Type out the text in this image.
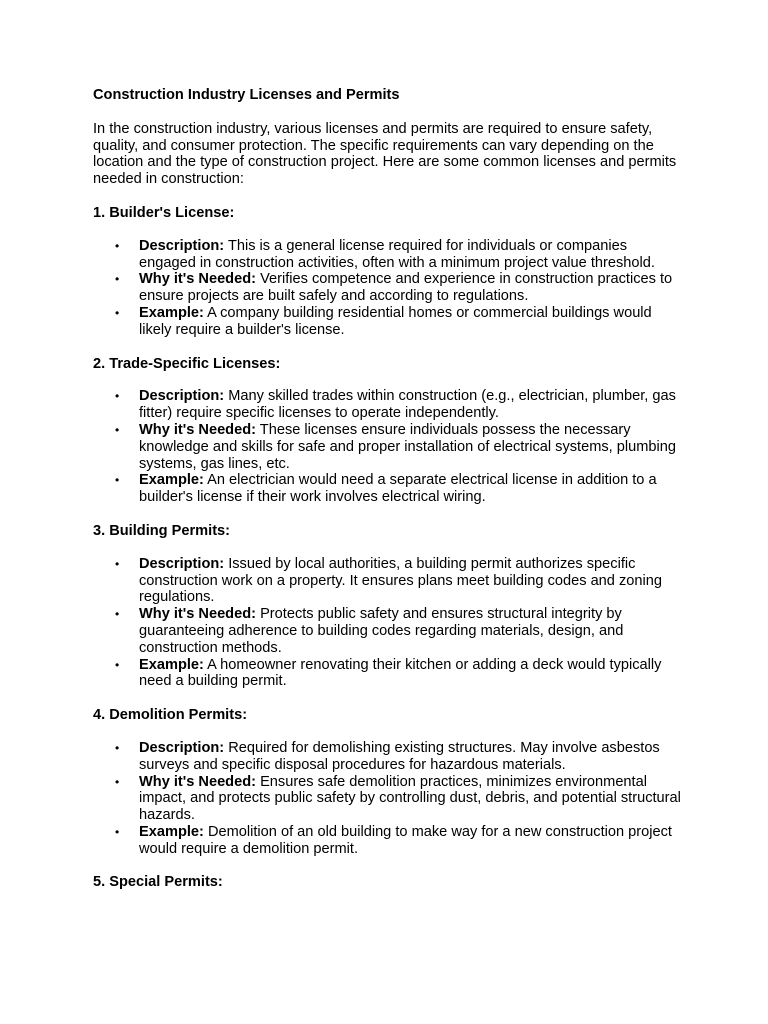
Construction Industry Licenses and Permits
In the construction industry, various licenses and permits are required to ensure safety, quality, and consumer protection. The specific requirements can vary depending on the location and the type of construction project. Here are some common licenses and permits needed in construction:
1. Builder's License:
• Description: This is a general license required for individuals or companies engaged in construction activities, often with a minimum project value threshold.
• Why it's Needed: Verifies competence and experience in construction practices to ensure projects are built safely and according to regulations.
• Example: A company building residential homes or commercial buildings would likely require a builder's license.
2. Trade-Specific Licenses:
• Description: Many skilled trades within construction (e.g., electrician, plumber, gas fitter) require specific licenses to operate independently.
• Why it's Needed: These licenses ensure individuals possess the necessary knowledge and skills for safe and proper installation of electrical systems, plumbing systems, gas lines, etc.
• Example: An electrician would need a separate electrical license in addition to a builder's license if their work involves electrical wiring.
3. Building Permits:
• Description: Issued by local authorities, a building permit authorizes specific construction work on a property. It ensures plans meet building codes and zoning regulations.
• Why it's Needed: Protects public safety and ensures structural integrity by guaranteeing adherence to building codes regarding materials, design, and construction methods.
• Example: A homeowner renovating their kitchen or adding a deck would typically need a building permit.
4. Demolition Permits:
• Description: Required for demolishing existing structures. May involve asbestos surveys and specific disposal procedures for hazardous materials.
• Why it's Needed: Ensures safe demolition practices, minimizes environmental impact, and protects public safety by controlling dust, debris, and potential structural hazards.
• Example: Demolition of an old building to make way for a new construction project would require a demolition permit.
5. Special Permits:
